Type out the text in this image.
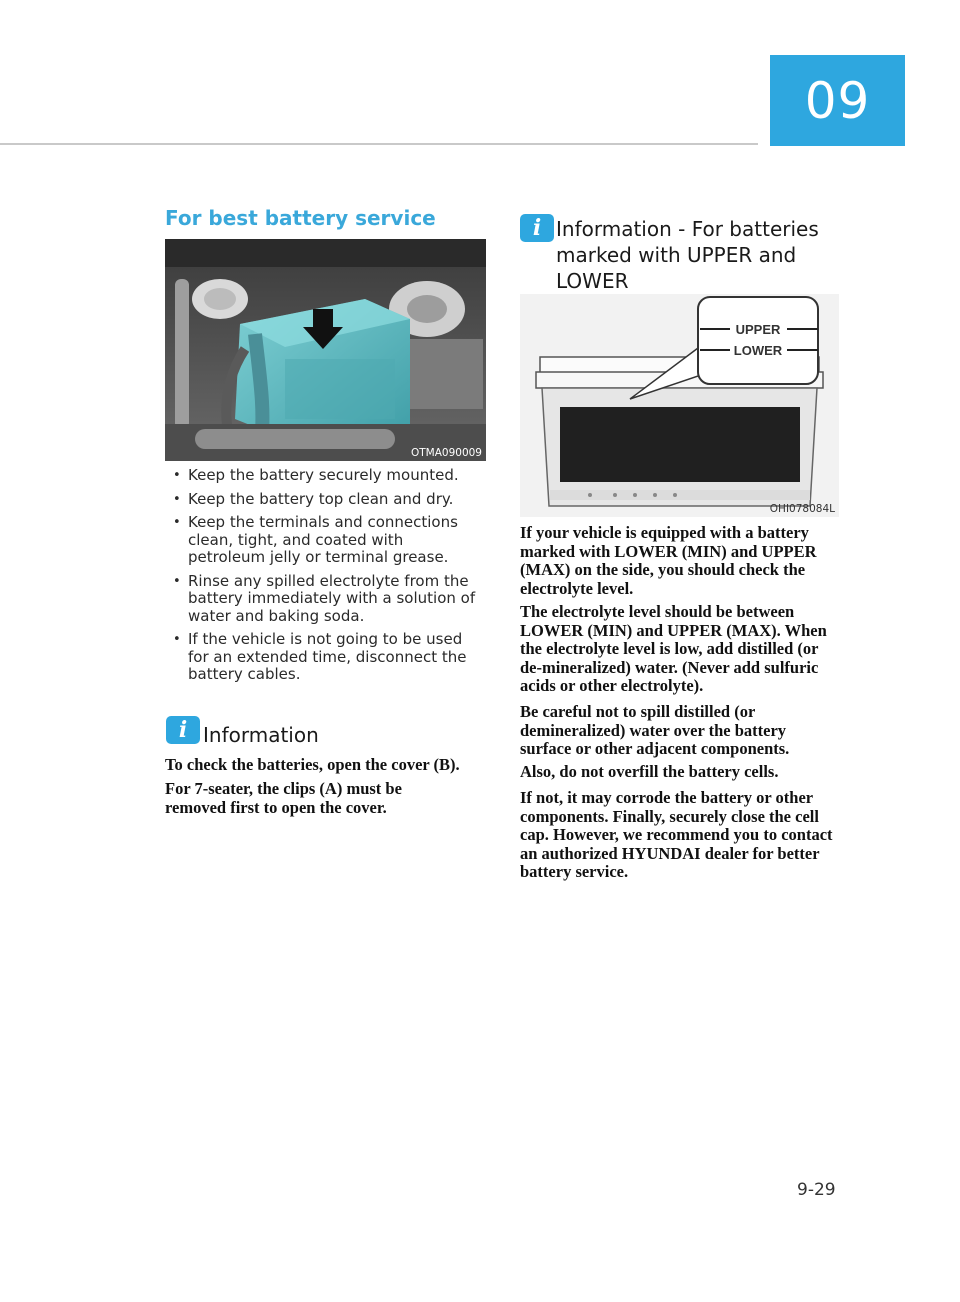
09
For best battery service
OTMA090009
• Keep the battery securely mounted.
• Keep the battery top clean and dry.
• Keep the terminals and connections clean, tight, and coated with petroleum jelly or terminal grease.
• Rinse any spilled electrolyte from the battery immediately with a solution of water and baking soda.
• If the vehicle is not going to be used for an extended time, disconnect the battery cables.
i Information
To check the batteries, open the cover (B).
For 7-seater, the clips (A) must be removed first to open the cover.
i Information - For batteries
marked with UPPER and
LOWER
UPPER
LOWER
OHI078084L
If your vehicle is equipped with a battery marked with LOWER (MIN) and UPPER (MAX) on the side, you should check the electrolyte level.
The electrolyte level should be between LOWER (MIN) and UPPER (MAX). When the electrolyte level is low, add distilled (or de-mineralized) water. (Never add sulfuric acids or other electrolyte).
Be careful not to spill distilled (or demineralized) water over the battery surface or other adjacent components.
Also, do not overfill the battery cells.
If not, it may corrode the battery or other components. Finally, securely close the cell cap. However, we recommend you to contact an authorized HYUNDAI dealer for better battery service.
9-29
